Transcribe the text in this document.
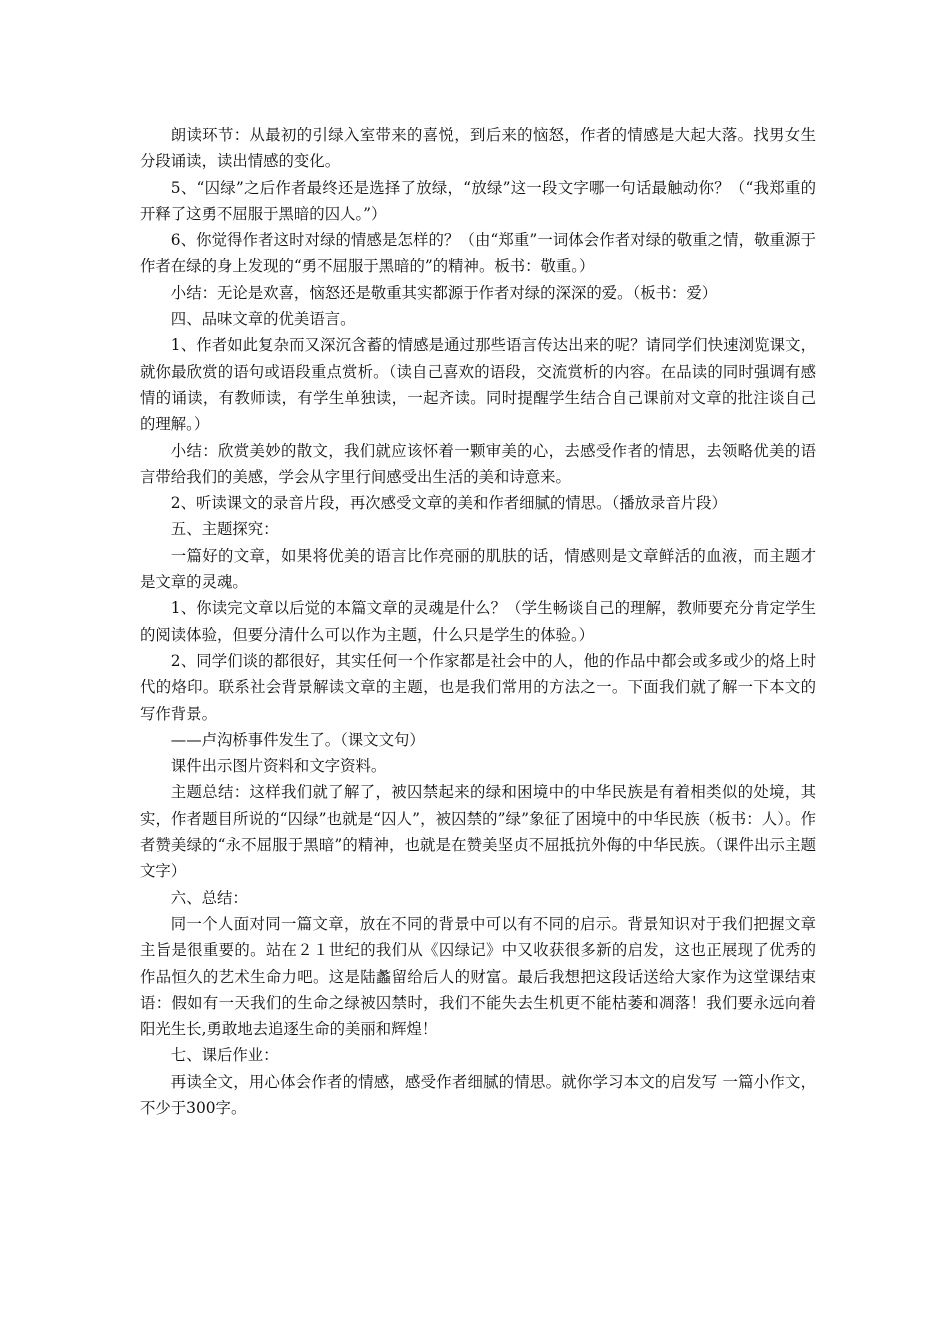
朗读环节：从最初的引绿入室带来的喜悦，到后来的恼怒，作者的情感是大起大落。找男女生分段诵读，读出情感的变化。

5、“囚绿”之后作者最终还是选择了放绿，“放绿”这一段文字哪一句话最触动你？（“我郑重的开释了这勇不屈服于黑暗的囚人。”）

6、你觉得作者这时对绿的情感是怎样的？（由“郑重”一词体会作者对绿的敬重之情，敬重源于作者在绿的身上发现的“勇不屈服于黑暗的”的精神。板书：敬重。）

小结：无论是欢喜，恼怒还是敬重其实都源于作者对绿的深深的爱。（板书：爱）

四、品味文章的优美语言。

1、作者如此复杂而又深沉含蓄的情感是通过那些语言传达出来的呢？请同学们快速浏览课文，就你最欣赏的语句或语段重点赏析。（读自己喜欢的语段，交流赏析的内容。在品读的同时强调有感情的诵读，有教师读，有学生单独读，一起齐读。同时提醒学生结合自己课前对文章的批注谈自己的理解。）

小结：欣赏美妙的散文，我们就应该怀着一颗审美的心，去感受作者的情思，去领略优美的语言带给我们的美感，学会从字里行间感受出生活的美和诗意来。

2、听读课文的录音片段，再次感受文章的美和作者细腻的情思。（播放录音片段）

五、主题探究：

一篇好的文章，如果将优美的语言比作亮丽的肌肤的话，情感则是文章鲜活的血液，而主题才是文章的灵魂。

1、你读完文章以后觉的本篇文章的灵魂是什么？（学生畅谈自己的理解，教师要充分肯定学生的阅读体验，但要分清什么可以作为主题，什么只是学生的体验。）

2、同学们谈的都很好，其实任何一个作家都是社会中的人，他的作品中都会或多或少的烙上时代的烙印。联系社会背景解读文章的主题，也是我们常用的方法之一。下面我们就了解一下本文的写作背景。

——卢沟桥事件发生了。（课文文句）

课件出示图片资料和文字资料。

主题总结：这样我们就了解了，被囚禁起来的绿和困境中的中华民族是有着相类似的处境，其实，作者题目所说的“囚绿”也就是“囚人”，被囚禁的”绿”象征了困境中的中华民族（板书：人）。作者赞美绿的“永不屈服于黑暗”的精神，也就是在赞美坚贞不屈抵抗外侮的中华民族。（课件出示主题文字）

六、总结：

同一个人面对同一篇文章，放在不同的背景中可以有不同的启示。背景知识对于我们把握文章主旨是很重要的。站在２１世纪的我们从《囚绿记》中又收获很多新的启发，这也正展现了优秀的作品恒久的艺术生命力吧。这是陆蠡留给后人的财富。最后我想把这段话送给大家作为这堂课结束语：假如有一天我们的生命之绿被囚禁时，我们不能失去生机更不能枯萎和凋落！我们要永远向着阳光生长,勇敢地去追逐生命的美丽和辉煌！

七、课后作业：

再读全文，用心体会作者的情感，感受作者细腻的情思。就你学习本文的启发写 一篇小作文，不少于300字。
